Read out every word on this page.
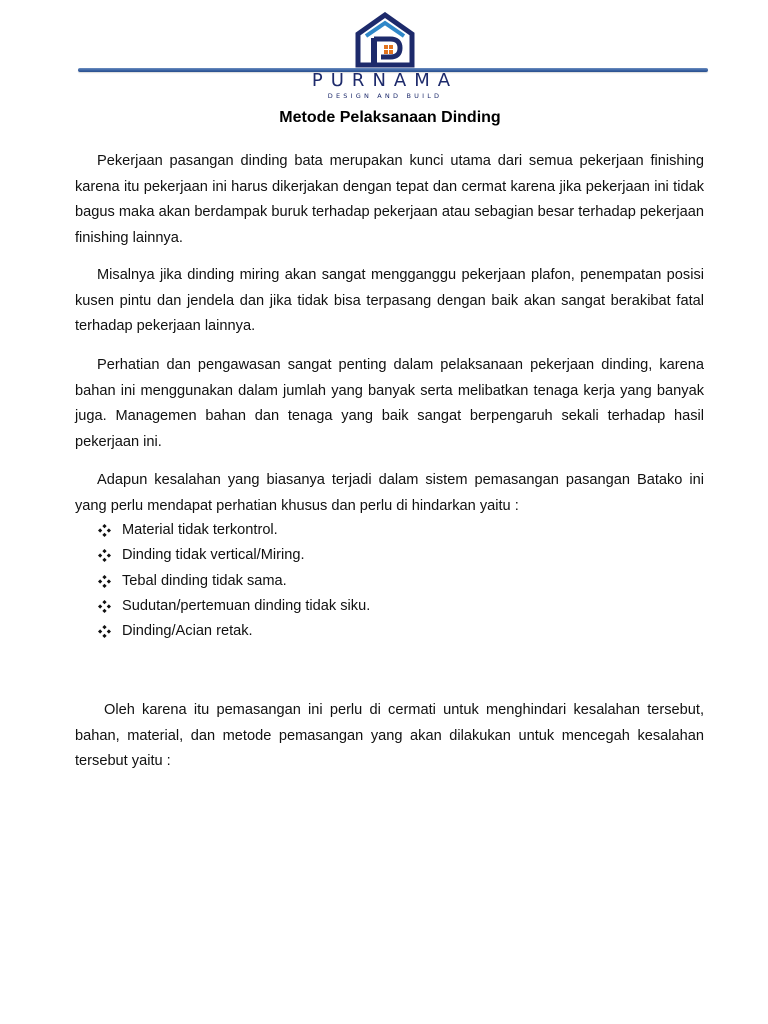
PURNAMA
DESIGN AND BUILD
Metode Pelaksanaan Dinding

Pekerjaan pasangan dinding bata merupakan kunci utama dari semua pekerjaan finishing karena itu pekerjaan ini harus dikerjakan dengan tepat dan cermat karena jika pekerjaan ini tidak bagus maka akan berdampak buruk terhadap pekerjaan atau sebagian besar terhadap pekerjaan finishing lainnya.

Misalnya jika dinding miring akan sangat mengganggu pekerjaan plafon, penempatan posisi kusen pintu dan jendela dan jika tidak bisa terpasang dengan baik akan sangat berakibat fatal terhadap pekerjaan lainnya.

Perhatian dan pengawasan sangat penting dalam pelaksanaan pekerjaan dinding, karena bahan ini menggunakan dalam jumlah yang banyak serta melibatkan tenaga kerja yang banyak juga. Managemen bahan dan tenaga yang baik sangat berpengaruh sekali terhadap hasil pekerjaan ini.

Adapun kesalahan yang biasanya terjadi dalam sistem pemasangan pasangan Batako ini yang perlu mendapat perhatian khusus dan perlu di hindarkan yaitu :

Material tidak terkontrol.
Dinding tidak vertical/Miring.
Tebal dinding tidak sama.
Sudutan/pertemuan dinding tidak siku.
Dinding/Acian retak.

Oleh karena itu pemasangan ini perlu di cermati untuk menghindari kesalahan tersebut, bahan, material, dan metode pemasangan yang akan dilakukan untuk mencegah kesalahan tersebut yaitu :
